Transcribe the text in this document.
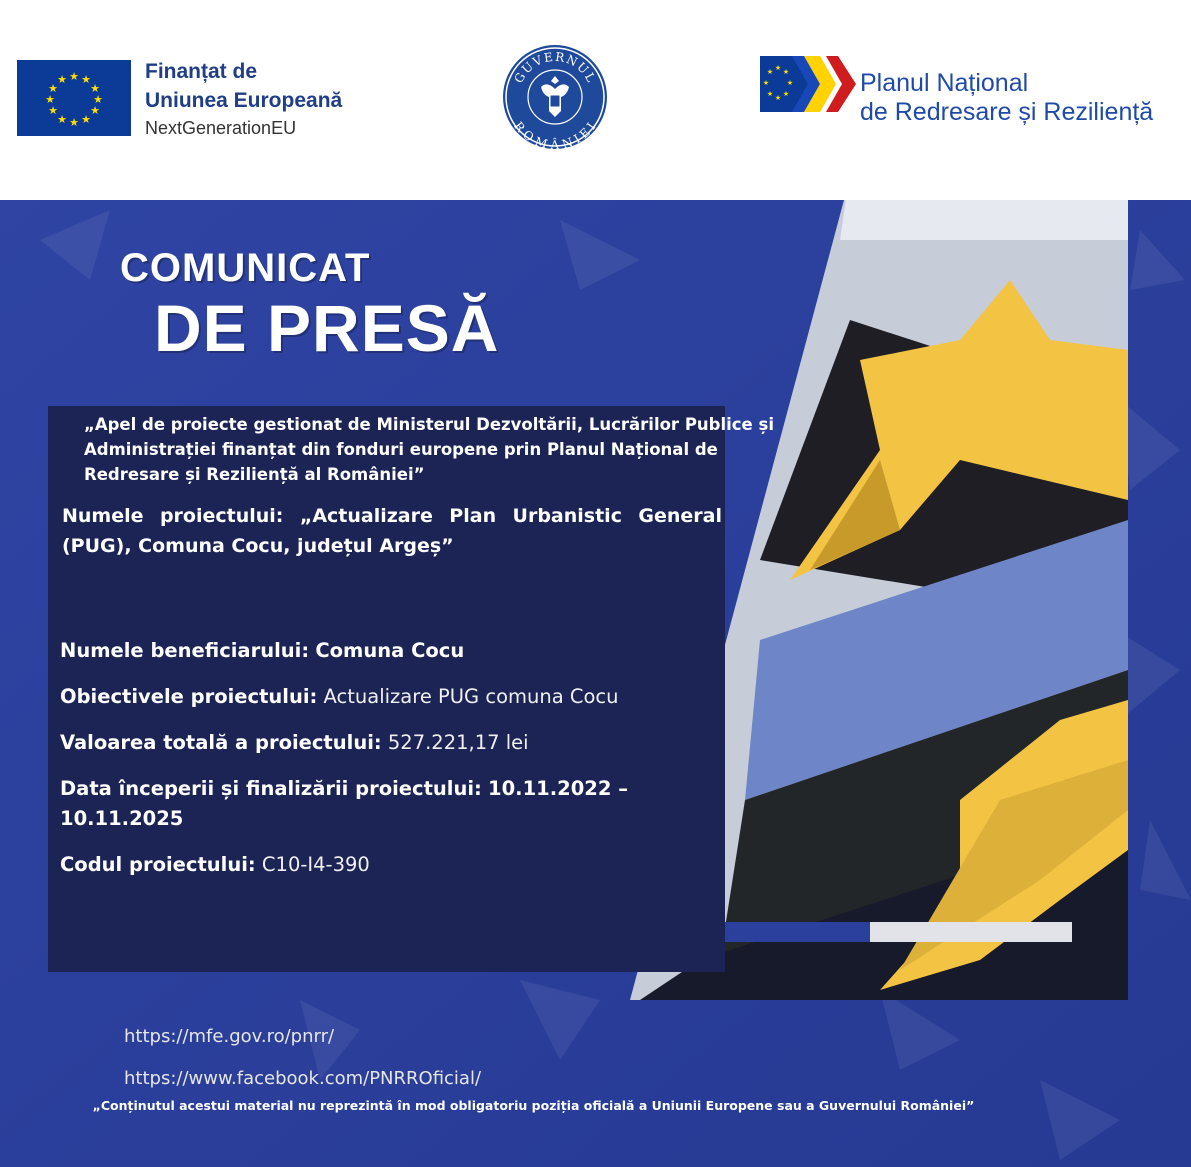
★ ★
★
★
★
★
★
★
★
★
★
★	Finanțat de
Uniunea Europeană
NextGenerationEU
GUVERNUL
ROMÂNIEI
★ ★
★
★
★
★
★
★	Planul Național
de Redresare și Reziliență
COMUNICAT
DE PRESĂ
„Apel de proiecte gestionat de Ministerul Dezvoltării, Lucrărilor Publice și Administrației finanțat din fonduri europene prin Planul Național de Redresare și Reziliență al României”
Numele proiectului: „Actualizare Plan Urbanistic General (PUG), Comuna Cocu, județul Argeș”
Numele beneficiarului: Comuna Cocu
Obiectivele proiectului: Actualizare PUG comuna Cocu
Valoarea totală a proiectului: 527.221,17 lei
Data începerii și finalizării proiectului: 10.11.2022 – 10.11.2025
Codul proiectului: C10-I4-390
https://mfe.gov.ro/pnrr/
https://www.facebook.com/PNRROficial/
„Conținutul acestui material nu reprezintă în mod obligatoriu poziția oficială a Uniunii Europene sau a Guvernului României”
